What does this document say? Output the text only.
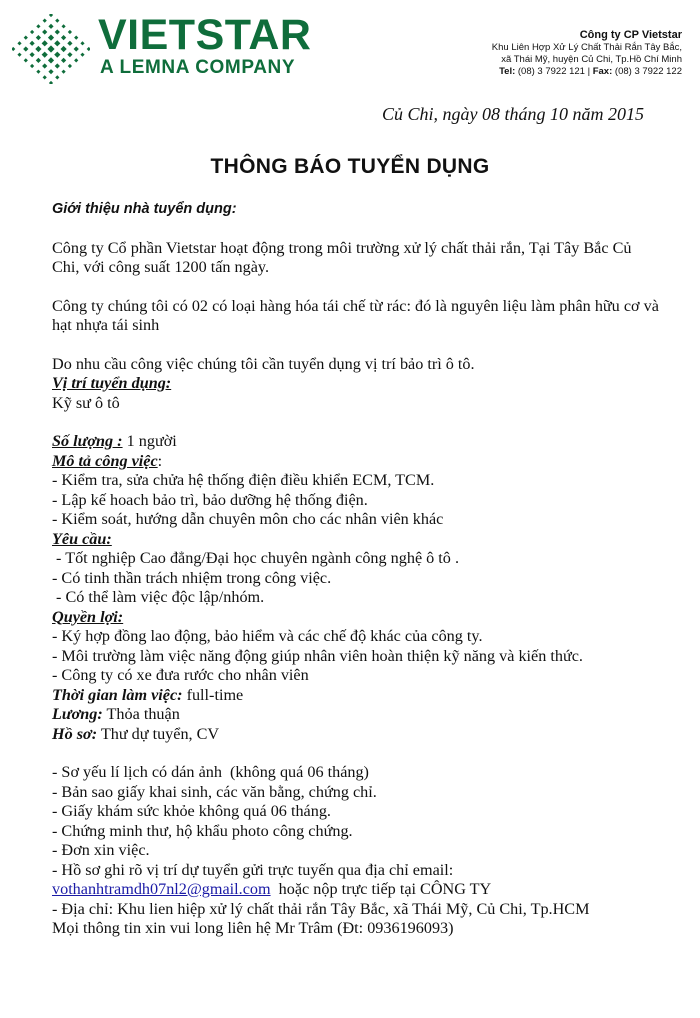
VIETSTAR
A LEMNA COMPANY
Công ty CP Vietstar
Khu Liên Hợp Xử Lý Chất Thải Rắn Tây Bắc,
xã Thái Mỹ, huyện Củ Chi, Tp.Hồ Chí Minh
Tel: (08) 3 7922 121 | Fax: (08) 3 7922 122
Củ Chi, ngày 08 tháng 10 năm 2015
THÔNG BÁO TUYỂN DỤNG

Giới thiệu nhà tuyển dụng:

Công ty Cổ phần Vietstar hoạt động trong môi trường xử lý chất thải rắn, Tại Tây Bắc Củ Chi, với công suất 1200 tấn ngày.

Công ty chúng tôi có 02 có loại hàng hóa tái chế từ rác: đó là nguyên liệu làm phân hữu cơ và hạt nhựa tái sinh

Do nhu cầu công việc chúng tôi cần tuyển dụng vị trí bảo trì ô tô.

Vị trí tuyển dụng:

Kỹ sư ô tô

Số lượng : 1 người

Mô tả công việc:

- Kiểm tra, sửa chửa hệ thống điện điều khiển ECM, TCM.

- Lập kế hoach bảo trì, bảo dưỡng hệ thống điện.

- Kiểm soát, hướng dẫn chuyên môn cho các nhân viên khác

Yêu cầu:

- Tốt nghiệp Cao đẳng/Đại học chuyên ngành công nghệ ô tô .

- Có tinh thần trách nhiệm trong công việc.

- Có thể làm việc độc lập/nhóm.

Quyền lợi:

- Ký hợp đồng lao động, bảo hiểm và các chế độ khác của công ty.

- Môi trường làm việc năng động giúp nhân viên hoàn thiện kỹ năng và kiến thức.

- Công ty có xe đưa rước cho nhân viên

Thời gian làm việc: full-time

Lương: Thỏa thuận

Hồ sơ: Thư dự tuyển, CV

- Sơ yếu lí lịch có dán ảnh  (không quá 06 tháng)

- Bản sao giấy khai sinh, các văn bằng, chứng chỉ.

- Giấy khám sức khỏe không quá 06 tháng.

- Chứng minh thư, hộ khẩu photo công chứng.

- Đơn xin việc.

- Hồ sơ ghi rõ vị trí dự tuyển gửi trực tuyến qua địa chỉ email:

vothanhtramdh07nl2@gmail.com  hoặc nộp trực tiếp tại CÔNG TY

- Địa chỉ: Khu lien hiệp xử lý chất thải rắn Tây Bắc, xã Thái Mỹ, Củ Chi, Tp.HCM

Mọi thông tin xin vui long liên hệ Mr Trâm (Đt: 0936196093)
